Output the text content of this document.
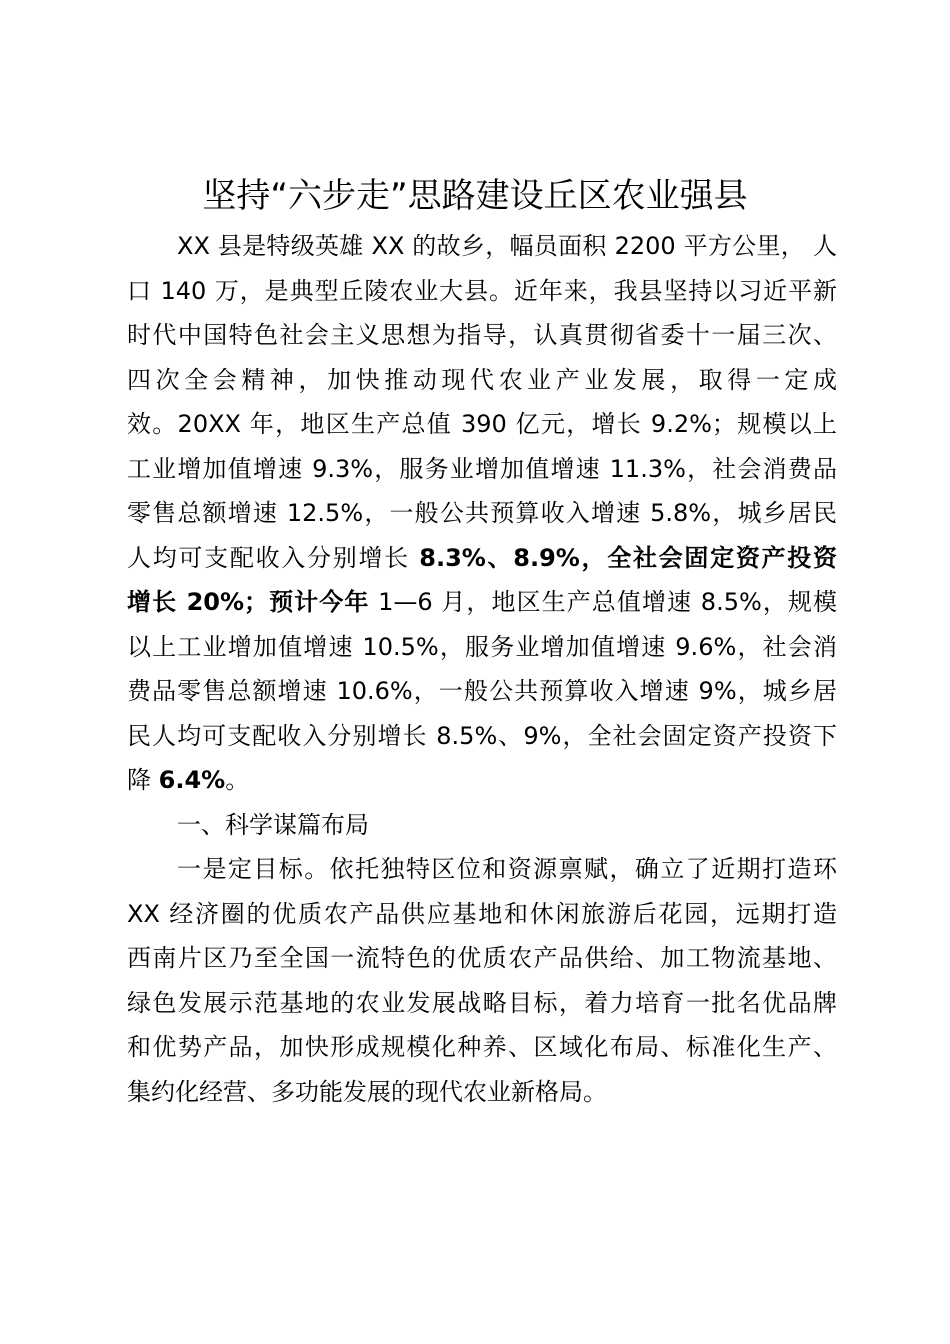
坚持“六步走”思路建设丘区农业强县
XX 县是特级英雄 XX 的故乡，幅员面积 2200 平方公里， 人
口 140 万，是典型丘陵农业大县。近年来，我县坚持以习近平新
时代中国特色社会主义思想为指导，认真贯彻省委十一届三次、
四次全会精神，加快推动现代农业产业发展，取得一定成
效。20XX 年，地区生产总值 390 亿元，增长 9.2%；规模以上
工业增加值增速 9.3%，服务业增加值增速 11.3%，社会消费品
零售总额增速 12.5%，一般公共预算收入增速 5.8%，城乡居民
人均可支配收入分别增长 8.3%、8.9%，全社会固定资产投资
增长 20%；预计今年 1—6 月，地区生产总值增速 8.5%，规模
以上工业增加值增速 10.5%，服务业增加值增速 9.6%，社会消
费品零售总额增速 10.6%，一般公共预算收入增速 9%，城乡居
民人均可支配收入分别增长 8.5%、9%，全社会固定资产投资下
降 6.4%。
一、科学谋篇布局
一是定目标。依托独特区位和资源禀赋，确立了近期打造环
XX 经济圈的优质农产品供应基地和休闲旅游后花园，远期打造
西南片区乃至全国一流特色的优质农产品供给、加工物流基地、
绿色发展示范基地的农业发展战略目标，着力培育一批名优品牌
和优势产品，加快形成规模化种养、区域化布局、标准化生产、
集约化经营、多功能发展的现代农业新格局。
